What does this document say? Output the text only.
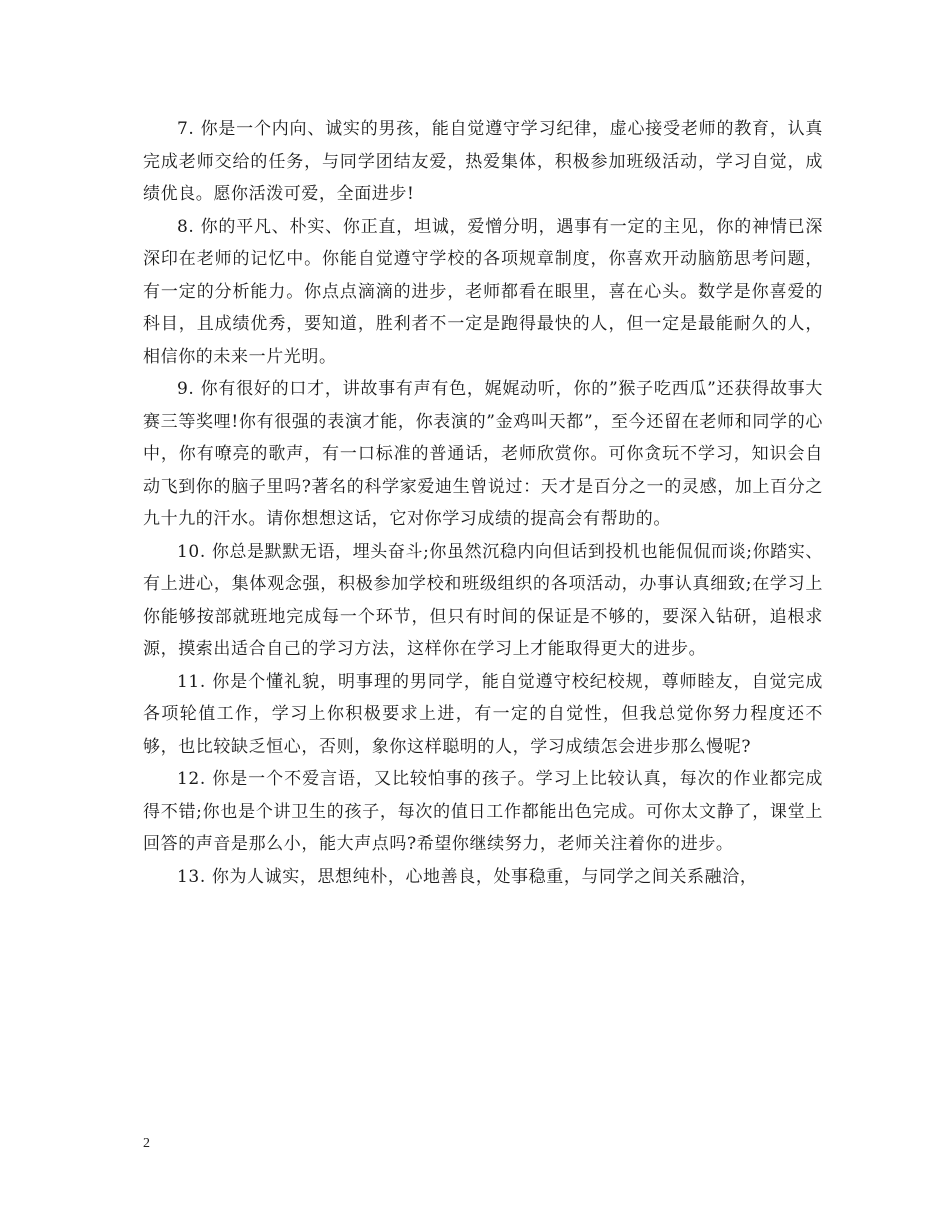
7. 你是一个内向、诚实的男孩，能自觉遵守学习纪律，虚心接受老师的教育，认真完成老师交给的任务，与同学团结友爱，热爱集体，积极参加班级活动，学习自觉，成绩优良。愿你活泼可爱，全面进步!

8. 你的平凡、朴实、你正直，坦诚，爱憎分明，遇事有一定的主见，你的神情已深深印在老师的记忆中。你能自觉遵守学校的各项规章制度，你喜欢开动脑筋思考问题，有一定的分析能力。你点点滴滴的进步，老师都看在眼里，喜在心头。数学是你喜爱的科目，且成绩优秀，要知道，胜利者不一定是跑得最快的人，但一定是最能耐久的人，相信你的未来一片光明。

9. 你有很好的口才，讲故事有声有色，娓娓动听，你的”猴子吃西瓜”还获得故事大赛三等奖哩!你有很强的表演才能，你表演的”金鸡叫天都”，至今还留在老师和同学的心中，你有嘹亮的歌声，有一口标准的普通话，老师欣赏你。可你贪玩不学习，知识会自动飞到你的脑子里吗?著名的科学家爱迪生曾说过：天才是百分之一的灵感，加上百分之九十九的汗水。请你想想这话，它对你学习成绩的提高会有帮助的。

10. 你总是默默无语，埋头奋斗;你虽然沉稳内向但话到投机也能侃侃而谈;你踏实、有上进心，集体观念强，积极参加学校和班级组织的各项活动，办事认真细致;在学习上你能够按部就班地完成每一个环节，但只有时间的保证是不够的，要深入钻研，追根求源，摸索出适合自己的学习方法，这样你在学习上才能取得更大的进步。

11. 你是个懂礼貌，明事理的男同学，能自觉遵守校纪校规，尊师睦友，自觉完成各项轮值工作，学习上你积极要求上进，有一定的自觉性，但我总觉你努力程度还不够，也比较缺乏恒心，否则，象你这样聪明的人，学习成绩怎会进步那么慢呢?

12. 你是一个不爱言语，又比较怕事的孩子。学习上比较认真，每次的作业都完成得不错;你也是个讲卫生的孩子，每次的值日工作都能出色完成。可你太文静了，课堂上回答的声音是那么小，能大声点吗?希望你继续努力，老师关注着你的进步。

13. 你为人诚实，思想纯朴，心地善良，处事稳重，与同学之间关系融洽，

2
